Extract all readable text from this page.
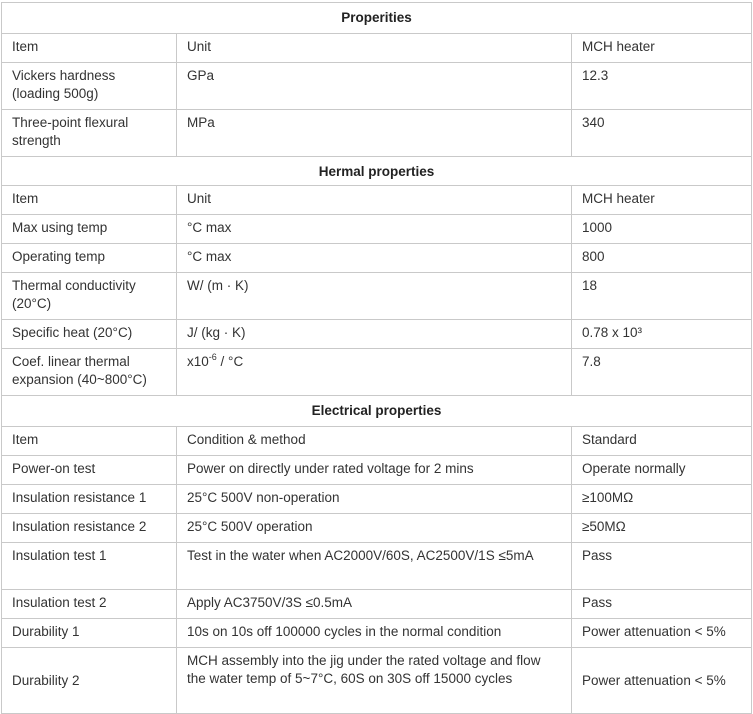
Properities		
Item	Unit	MCH heater
Vickers hardness (loading 500g)	GPa	12.3
Three-point flexural strength	MPa	340
Hermal properties		
Item	Unit	MCH heater
Max using temp	°C max	1000
Operating temp	°C max	800
Thermal conductivity (20°C)	W/ (m · K)	18
Specific heat (20°C)	J/ (kg · K)	0.78 x 10³
Coef. linear thermal expansion (40~800°C)	$x10^{-6} / ^\circ C$	7.8
Electrical properties		
Item	Condition & method	Standard
Power-on test	Power on directly under rated voltage for 2 mins	Operate normally
Insulation resistance 1	25°C 500V non-operation	≥100MΩ
Insulation resistance 2	25°C 500V operation	≥50MΩ
Insulation test 1	Test in the water when AC2000V/60S, AC2500V/1S ≤5mA	Pass
Insulation test 2	Apply AC3750V/3S ≤0.5mA	Pass
Durability 1	10s on 10s off 100000 cycles in the normal condition	Power attenuation < 5%
Durability 2	MCH assembly into the jig under the rated voltage and flow the water temp of 5~7°C, 60S on 30S off 15000 cycles	Power attenuation < 5%
